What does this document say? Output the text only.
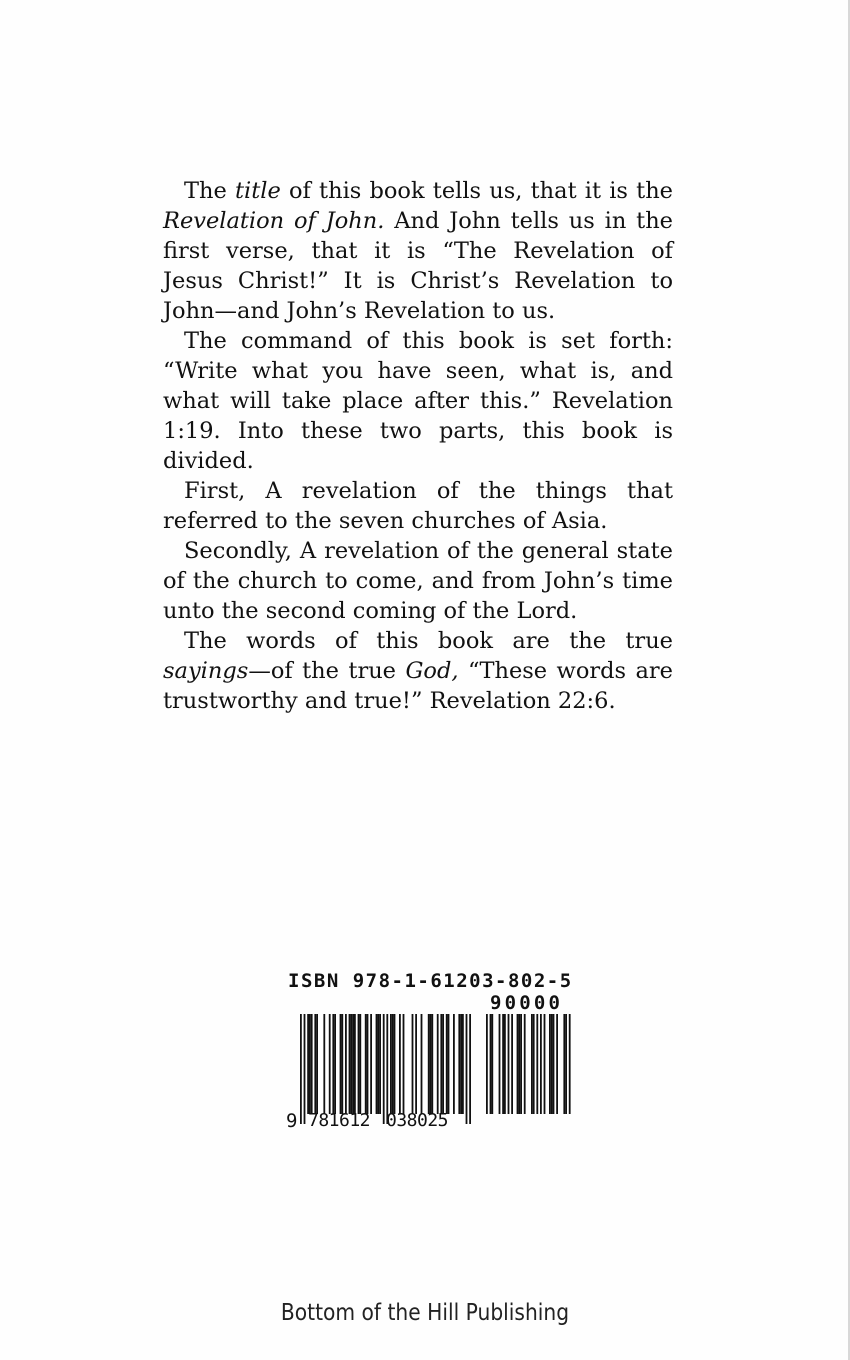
The title of this book tells us, that it is the Revelation of John. And John tells us in the first verse, that it is “The Revelation of Jesus Christ!” It is Christ’s Revelation to John—and John’s Revelation to us.

The command of this book is set forth: “Write what you have seen, what is, and what will take place after this.” Revelation 1:19. Into these two parts, this book is divided.

First, A revelation of the things that referred to the seven churches of Asia.

Secondly, A revelation of the general state of the church to come, and from John’s time unto the second coming of the Lord.

The words of this book are the true sayings—of the true God, “These words are trustworthy and true!” Revelation 22:6.

ISBN 978-1-61203-802-5
90000
9 781612 038025
Bottom of the Hill Publishing
